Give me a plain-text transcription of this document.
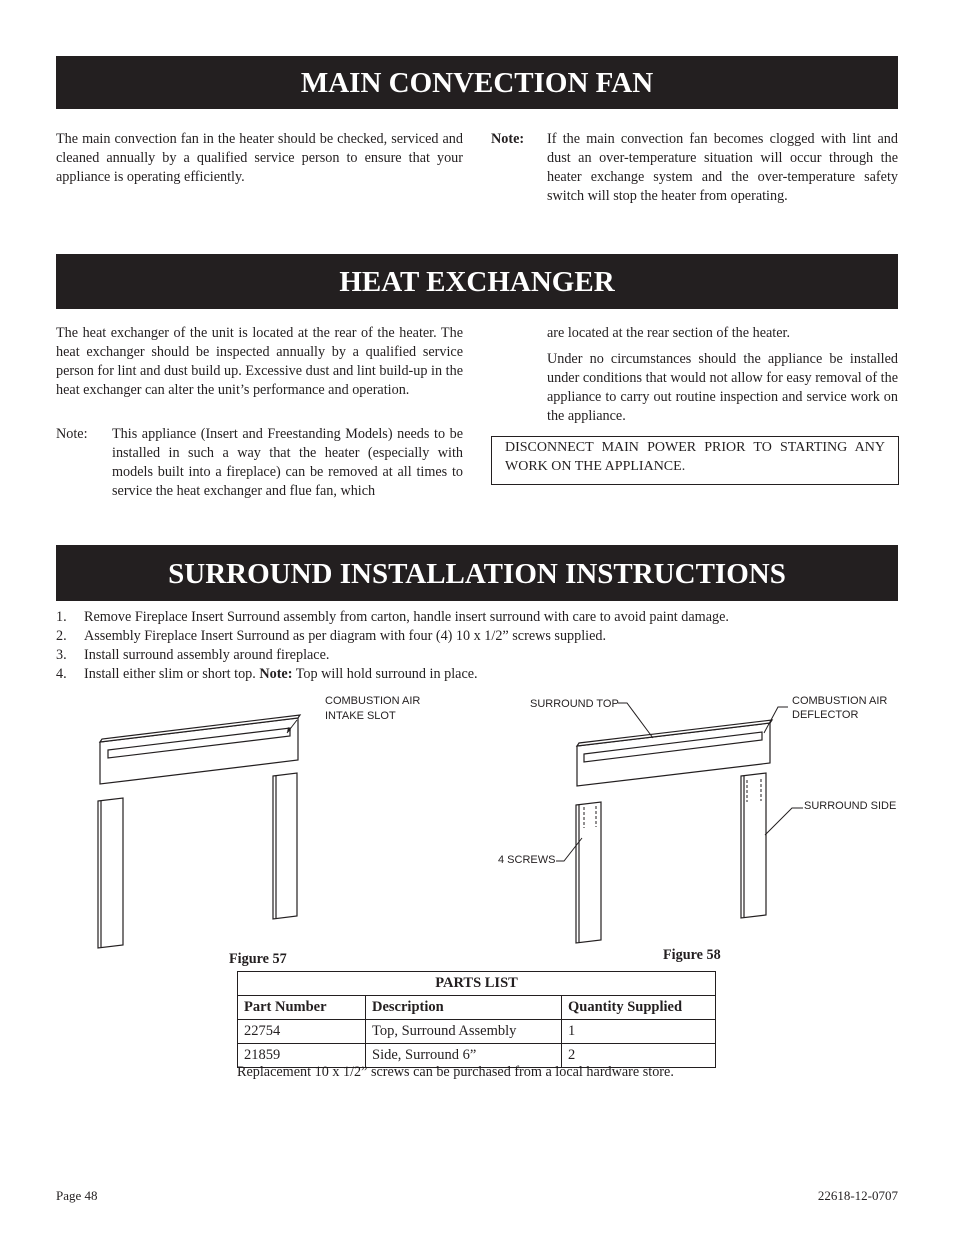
MAIN CONVECTION FAN
The main convection fan in the heater should be checked, serviced and cleaned annually by a qualified service person to ensure that your appliance is operating efficiently.
Note: If the main convection fan becomes clogged with lint and dust an over-temperature situation will occur through the heater exchange system and the over-temperature safety switch will stop the heater from operating.
HEAT EXCHANGER
The heat exchanger of the unit is located at the rear of the heater. The heat exchanger should be inspected annually by a qualified service person for lint and dust build up. Excessive dust and lint build-up in the heat exchanger can alter the unit’s performance and operation.
Note: This appliance (Insert and Freestanding Models) needs to be installed in such a way that the heater (especially with models built into a fireplace) can be removed at all times to service the heat exchanger and flue fan, which
are located at the rear section of the heater.
Under no circumstances should the appliance be installed under conditions that would not allow for easy removal of the appliance to carry out routine inspection and service work on the appliance.
DISCONNECT MAIN POWER PRIOR TO STARTING ANY WORK ON THE APPLIANCE.
SURROUND INSTALLATION INSTRUCTIONS
1. Remove Fireplace Insert Surround assembly from carton, handle insert surround with care to avoid paint damage.
2. Assembly Fireplace Insert Surround as per diagram with four (4) 10 x 1/2” screws supplied.
3. Install surround assembly around fireplace.
4. Install either slim or short top. Note: Top will hold surround in place.
COMBUSTION AIR
INTAKE SLOT
Figure 57
SURROUND TOP	COMBUSTION AIR
DEFLECTOR
SURROUND SIDE
4 SCREWS
Figure 58
PARTS LIST		
Part Number	Description	Quantity Supplied
22754	Top, Surround Assembly	1
21859	Side, Surround 6”	2
Replacement 10 x 1/2” screws can be purchased from a local hardware store.
Page 48	22618-12-0707
